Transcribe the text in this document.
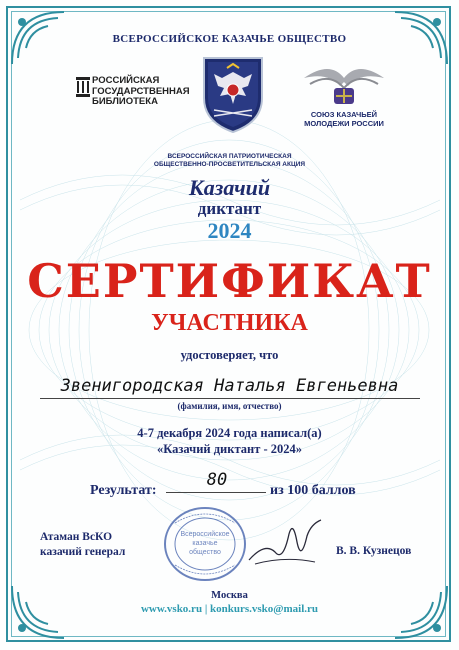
ВСЕРОССИЙСКОЕ КАЗАЧЬЕ ОБЩЕСТВО
РОССИЙСКАЯ
ГОСУДАРСТВЕННАЯ
БИБЛИОТЕКА
СОЮЗ КАЗАЧЬЕЙ
МОЛОДЕЖИ РОССИИ
ВСЕРОССИЙСКАЯ ПАТРИОТИЧЕСКАЯ
ОБЩЕСТВЕННО-ПРОСВЕТИТЕЛЬСКАЯ АКЦИЯ
Казачий
диктант
2024
СЕРТИФИКАТ
УЧАСТНИКА
удостоверяет, что
Звенигородская Наталья Евгеньевна
(фамилия, имя, отчество)
4-7 декабря 2024 года написал(а)
«Казачий диктант - 2024»
Результат:
80
из 100 баллов
Атаман ВсКО
казачий генерал
Всероссийское
казачье
общество	В. В. Кузнецов
Москва
www.vsko.ru | konkurs.vsko@mail.ru
